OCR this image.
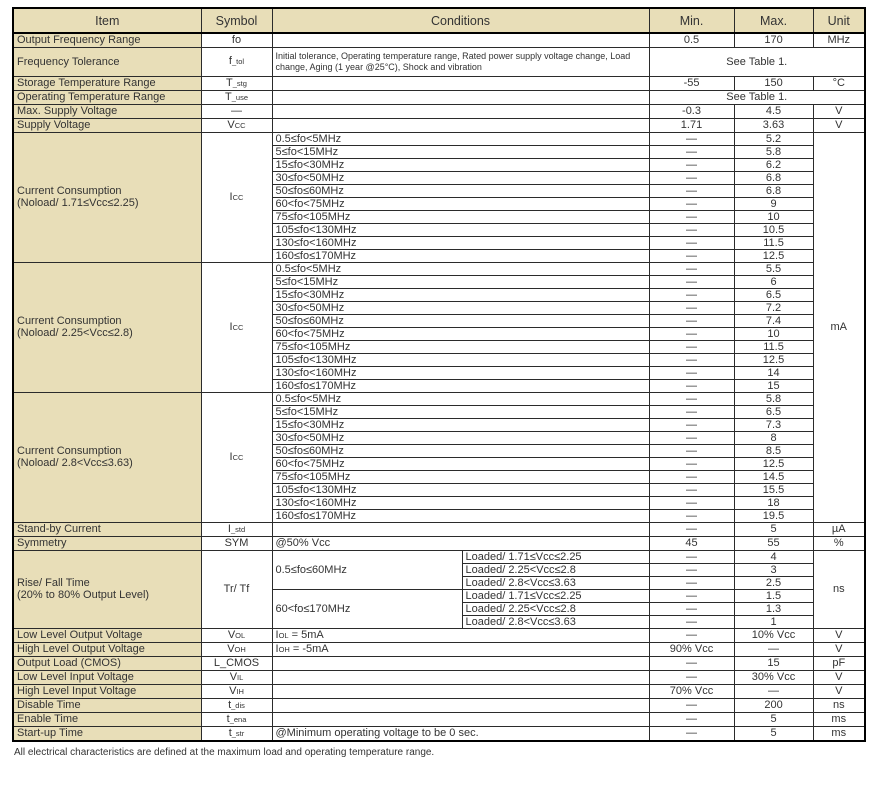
Item	Symbol	Conditions		Min.	Max.	Unit
Output Frequency Range	fo			0.5	170	MHz
Frequency Tolerance	f_tol	Initial tolerance, Operating temperature range, Rated power supply voltage change, Load change, Aging (1 year @25°C), Shock and vibration		See Table 1.		
Storage Temperature Range	T_stg			-55	150	°C
Operating Temperature Range	T_use			See Table 1.		
Max. Supply Voltage	—			-0.3	4.5	V
Supply Voltage	VCC			1.71	3.63	V

Current Consumption
(Noload/ 1.71≤Vcc≤2.25)	ICC	0.5≤fo<5MHz		—	5.2	mA
		5≤fo<15MHz		—	5.8	
		15≤fo<30MHz		—	6.2	
		30≤fo<50MHz		—	6.8	
		50≤fo≤60MHz		—	6.8	
		60<fo<75MHz		—	9	
		75≤fo<105MHz		—	10	
		105≤fo<130MHz		—	10.5	
		130≤fo<160MHz		—	11.5	
		160≤fo≤170MHz		—	12.5	

Current Consumption
(Noload/ 2.25<Vcc≤2.8)	ICC	0.5≤fo<5MHz		—	5.5	
		5≤fo<15MHz		—	6	
		15≤fo<30MHz		—	6.5	
		30≤fo<50MHz		—	7.2	
		50≤fo≤60MHz		—	7.4	
		60<fo<75MHz		—	10	
		75≤fo<105MHz		—	11.5	
		105≤fo<130MHz		—	12.5	
		130≤fo<160MHz		—	14	
		160≤fo≤170MHz		—	15	

Current Consumption
(Noload/ 2.8<Vcc≤3.63)	ICC	0.5≤fo<5MHz		—	5.8	
		5≤fo<15MHz		—	6.5	
		15≤fo<30MHz		—	7.3	
		30≤fo<50MHz		—	8	
		50≤fo≤60MHz		—	8.5	
		60<fo<75MHz		—	12.5	
		75≤fo<105MHz		—	14.5	
		105≤fo<130MHz		—	15.5	
		130≤fo<160MHz		—	18	
		160≤fo≤170MHz		—	19.5	
Stand-by Current	I_std			—	5	µA
Symmetry	SYM	@50% Vcc		45	55	%

Rise/ Fall Time
(20% to 80% Output Level)	Tr/ Tf	0.5≤fo≤60MHz	Loaded/ 1.71≤Vcc≤2.25	—	4	ns
			Loaded/ 2.25<Vcc≤2.8	—	3	
			Loaded/ 2.8<Vcc≤3.63	—	2.5	
		60<fo≤170MHz	Loaded/ 1.71≤Vcc≤2.25	—	1.5	
			Loaded/ 2.25<Vcc≤2.8	—	1.3	
			Loaded/ 2.8<Vcc≤3.63	—	1	
Low Level Output Voltage	VOL	IOL = 5mA		—	10% Vcc	V
High Level Output Voltage	VOH	IOH = -5mA		90% Vcc	—	V
Output Load (CMOS)	L_CMOS			—	15	pF
Low Level Input Voltage	VIL			—	30% Vcc	V
High Level Input Voltage	VIH			70% Vcc	—	V
Disable Time	t_dis			—	200	ns
Enable Time	t_ena			—	5	ms
Start-up Time	t_str	@Minimum operating voltage to be 0 sec.		—	5	ms
All electrical characteristics are defined at the maximum load and operating temperature range.
